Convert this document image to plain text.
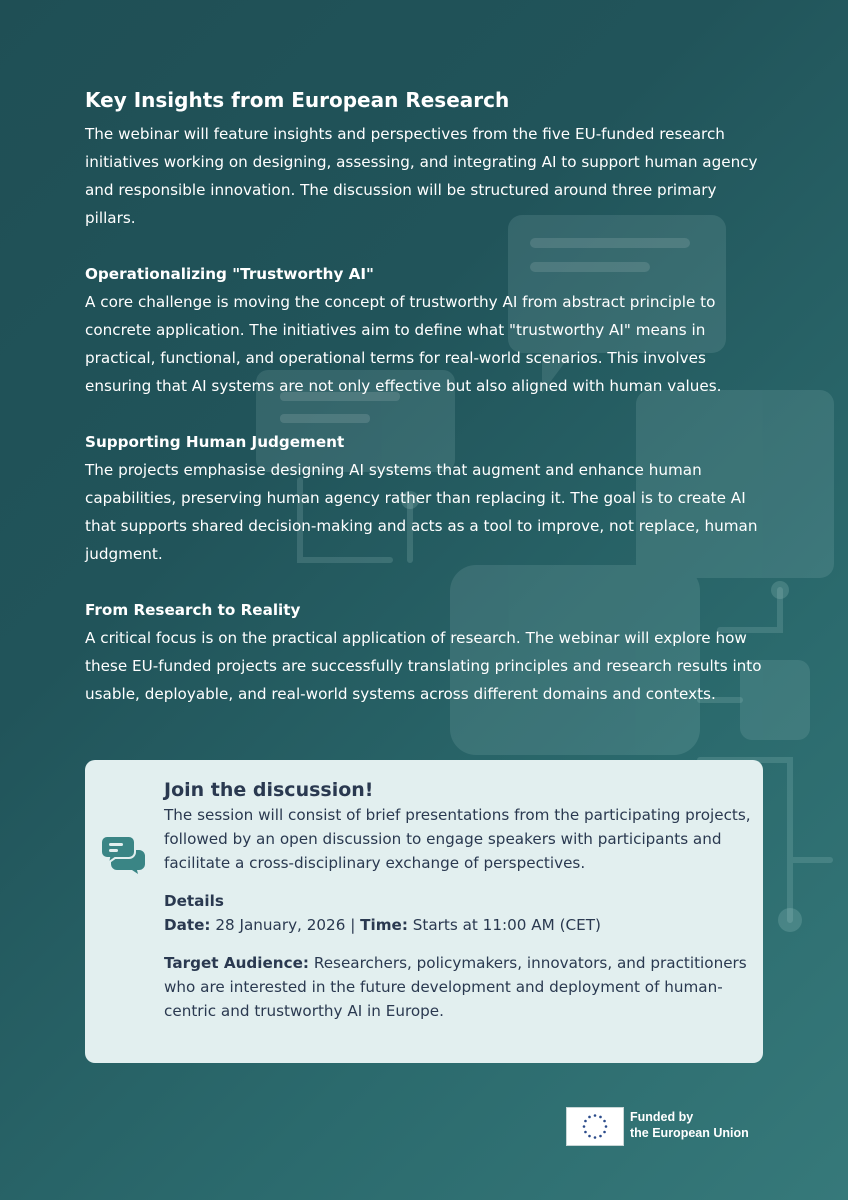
Key Insights from European Research

The webinar will feature insights and perspectives from the five EU-funded research initiatives working on designing, assessing, and integrating AI to support human agency and responsible innovation. The discussion will be structured around three primary pillars.

Operationalizing "Trustworthy AI"

A core challenge is moving the concept of trustworthy AI from abstract principle to concrete application. The initiatives aim to define what "trustworthy AI" means in practical, functional, and operational terms for real-world scenarios. This involves ensuring that AI systems are not only effective but also aligned with human values.

Supporting Human Judgement

The projects emphasise designing AI systems that augment and enhance human capabilities, preserving human agency rather than replacing it. The goal is to create AI that supports shared decision-making and acts as a tool to improve, not replace, human judgment.

From Research to Reality

A critical focus is on the practical application of research. The webinar will explore how these EU-funded projects are successfully translating principles and research results into usable, deployable, and real-world systems across different domains and contexts.

Join the discussion!

The session will consist of brief presentations from the participating projects, followed by an open discussion to engage speakers with participants and facilitate a cross-disciplinary exchange of perspectives.

Details

Date: 28 January, 2026 | Time: Starts at 11:00 AM (CET)

Target Audience: Researchers, policymakers, innovators, and practitioners who are interested in the future development and deployment of human-centric and trustworthy AI in Europe.

Funded by
the European Union
